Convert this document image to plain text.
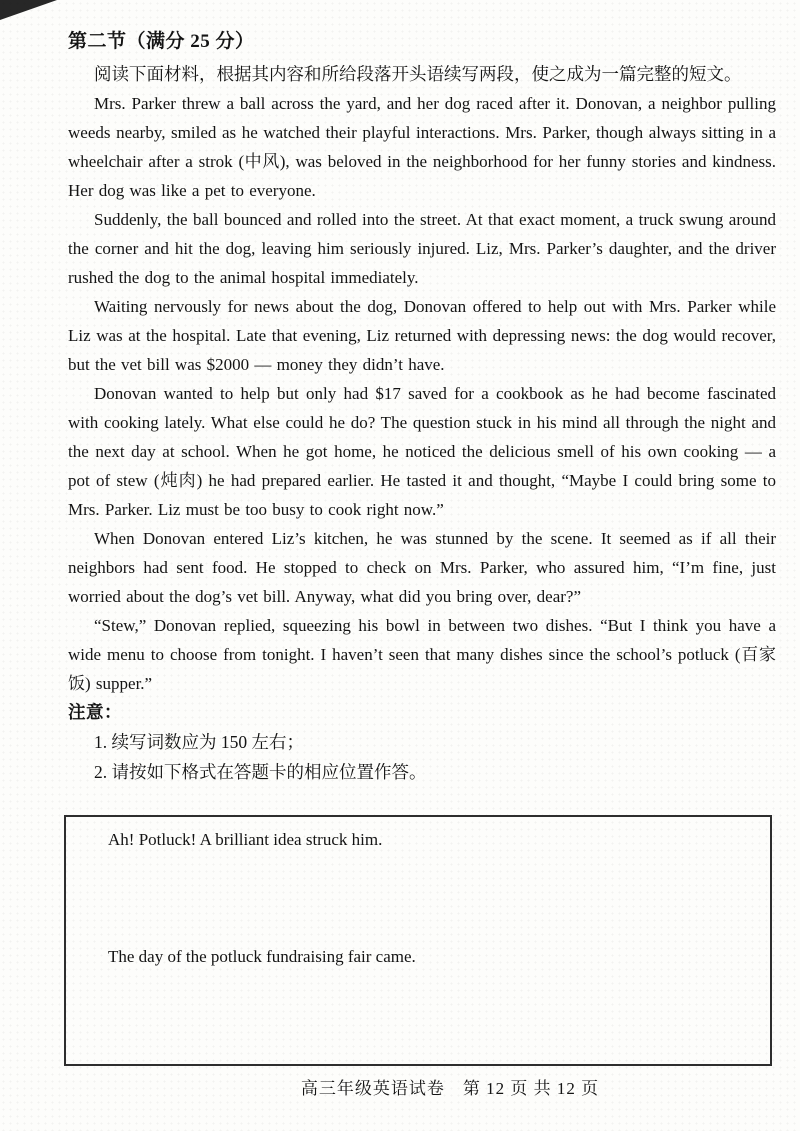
第二节（满分 25 分）

阅读下面材料，根据其内容和所给段落开头语续写两段，使之成为一篇完整的短文。

Mrs. Parker threw a ball across the yard, and her dog raced after it. Donovan, a neighbor pulling weeds nearby, smiled as he watched their playful interactions. Mrs. Parker, though always sitting in a wheelchair after a strok (中风), was beloved in the neighborhood for her funny stories and kindness. Her dog was like a pet to everyone.

Suddenly, the ball bounced and rolled into the street. At that exact moment, a truck swung around the corner and hit the dog, leaving him seriously injured. Liz, Mrs. Parker’s daughter, and the driver rushed the dog to the animal hospital immediately.

Waiting nervously for news about the dog, Donovan offered to help out with Mrs. Parker while Liz was at the hospital. Late that evening, Liz returned with depressing news: the dog would recover, but the vet bill was $2000 — money they didn’t have.

Donovan wanted to help but only had $17 saved for a cookbook as he had become fascinated with cooking lately. What else could he do? The question stuck in his mind all through the night and the next day at school. When he got home, he noticed the delicious smell of his own cooking — a pot of stew (炖肉) he had prepared earlier. He tasted it and thought, “Maybe I could bring some to Mrs. Parker. Liz must be too busy to cook right now.”

When Donovan entered Liz’s kitchen, he was stunned by the scene. It seemed as if all their neighbors had sent food. He stopped to check on Mrs. Parker, who assured him, “I’m fine, just worried about the dog’s vet bill. Anyway, what did you bring over, dear?”

“Stew,” Donovan replied, squeezing his bowl in between two dishes. “But I think you have a wide menu to choose from tonight. I haven’t seen that many dishes since the school’s potluck (百家饭) supper.”

注意：

1. 续写词数应为 150 左右；

2. 请按如下格式在答题卡的相应位置作答。

Ah! Potluck! A brilliant idea struck him.

The day of the potluck fundraising fair came.

高三年级英语试卷　第 12 页 共 12 页
